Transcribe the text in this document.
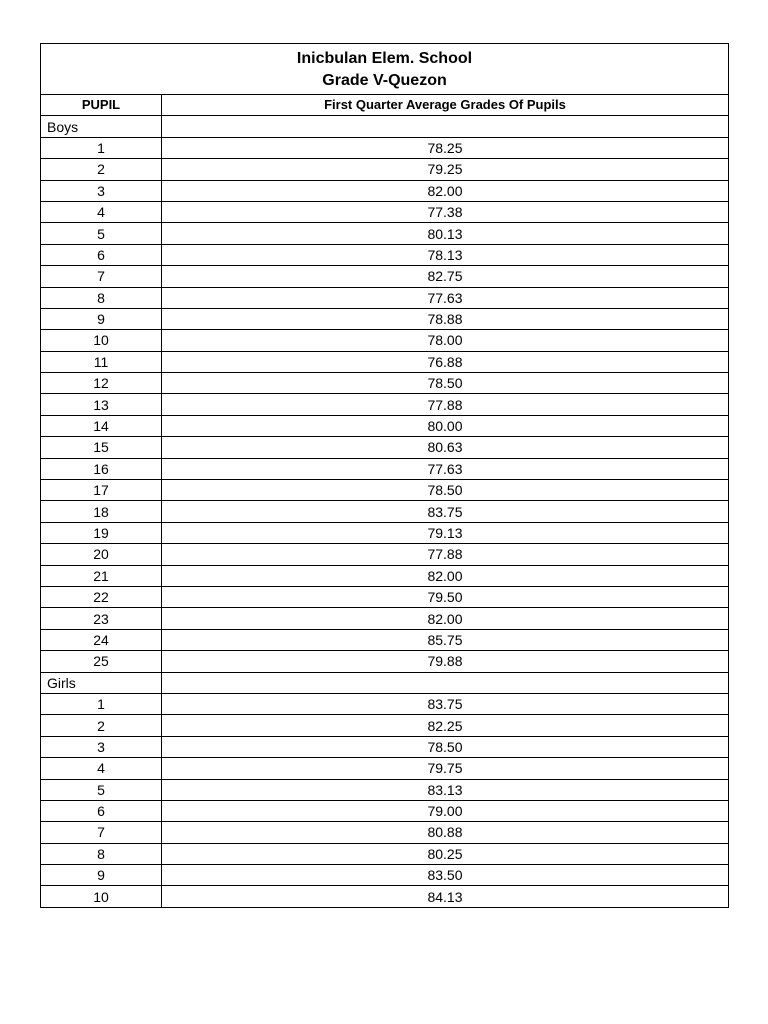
Inicbulan Elem. School
Grade V-Quezon	

PUPIL	First Quarter Average Grades Of Pupils
Boys	
1	78.25
2	79.25
3	82.00
4	77.38
5	80.13
6	78.13
7	82.75
8	77.63
9	78.88
10	78.00
11	76.88
12	78.50
13	77.88
14	80.00
15	80.63
16	77.63
17	78.50
18	83.75
19	79.13
20	77.88
21	82.00
22	79.50
23	82.00
24	85.75
25	79.88
Girls	
1	83.75
2	82.25
3	78.50
4	79.75
5	83.13
6	79.00
7	80.88
8	80.25
9	83.50
10	84.13
